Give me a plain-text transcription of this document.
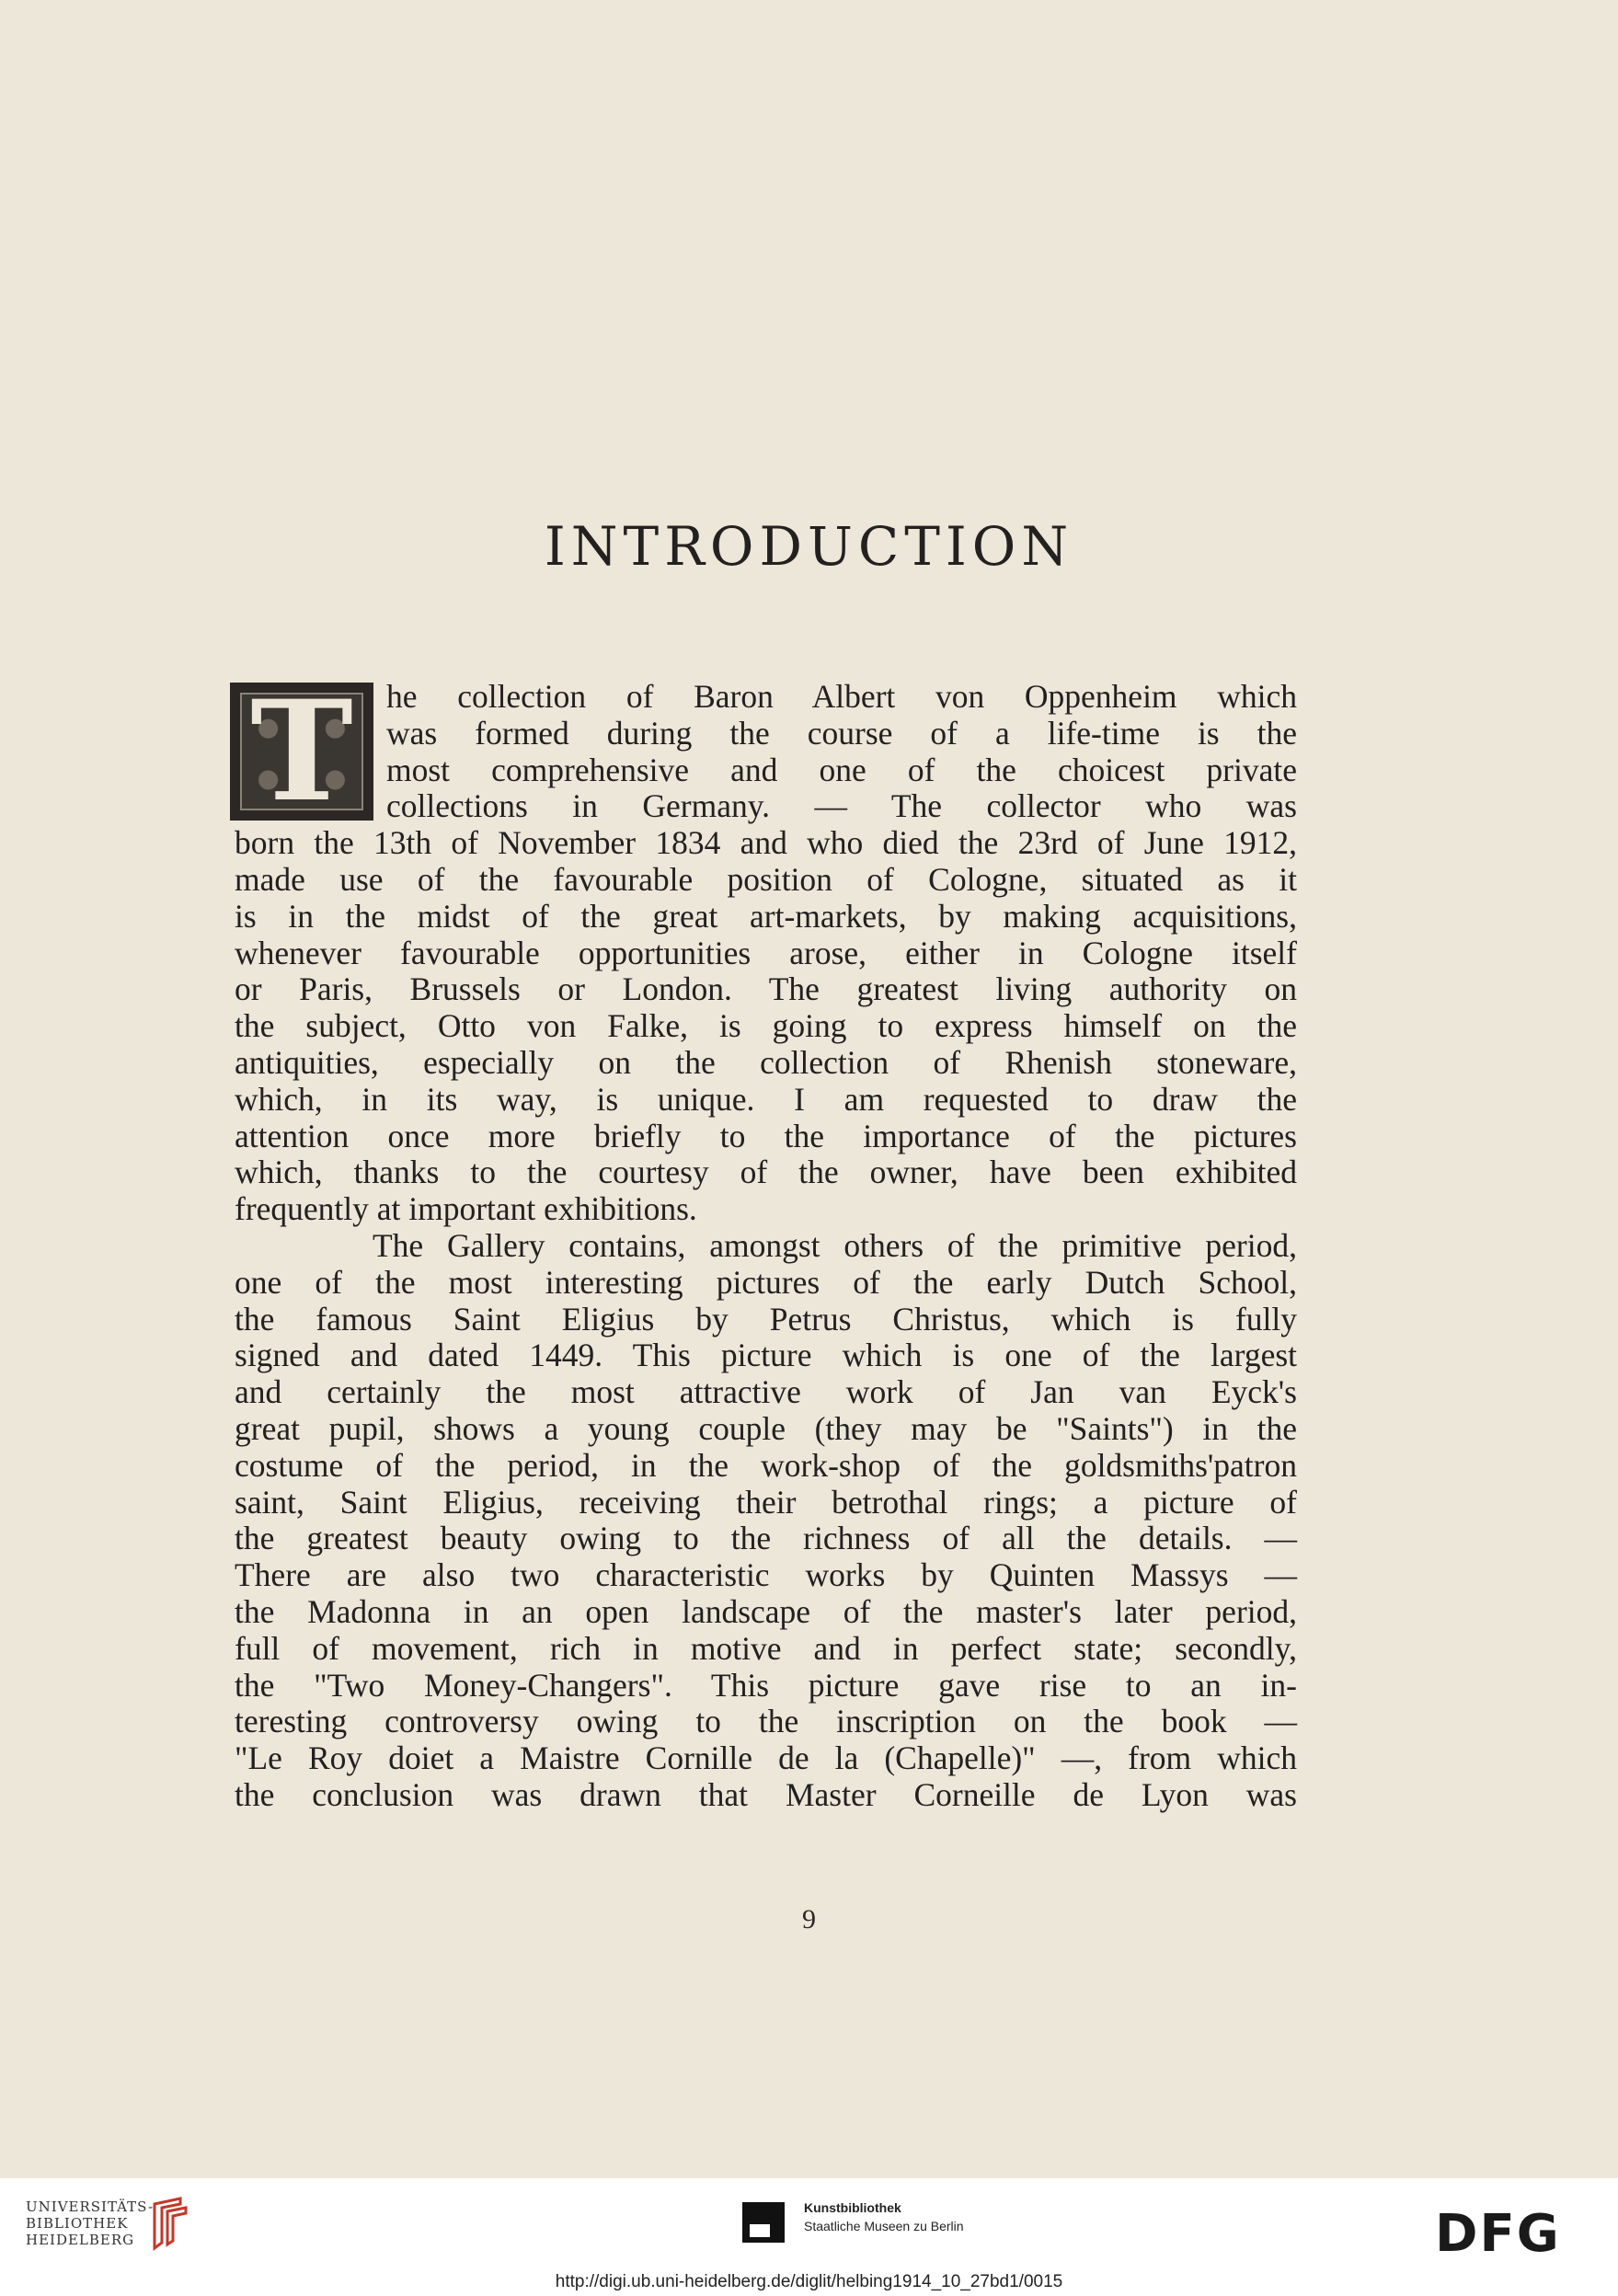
INTRODUCTION
T	he collection of Baron Albert von Oppenheim which
was formed during the course of a life-time is the
most comprehensive and one of the choicest private
collections in Germany. — The collector who was
born the 13th of November 1834 and who died the 23rd of June 1912,
made use of the favourable position of Cologne, situated as it
is in the midst of the great art-markets, by making acquisitions,
whenever favourable opportunities arose, either in Cologne itself
or Paris, Brussels or London. The greatest living authority on
the subject, Otto von Falke, is going to express himself on the
antiquities, especially on the collection of Rhenish stoneware,
which, in its way, is unique. I am requested to draw the
attention once more briefly to the importance of the pictures
which, thanks to the courtesy of the owner, have been exhibited
frequently at important exhibitions.
The Gallery contains, amongst others of the primitive period,
one of the most interesting pictures of the early Dutch School,
the famous Saint Eligius by Petrus Christus, which is fully
signed and dated 1449. This picture which is one of the largest
and certainly the most attractive work of Jan van Eyck's
great pupil, shows a young couple (they may be "Saints") in the
costume of the period, in the work-shop of the goldsmiths'patron
saint, Saint Eligius, receiving their betrothal rings; a picture of
the greatest beauty owing to the richness of all the details. —
There are also two characteristic works by Quinten Massys —
the Madonna in an open landscape of the master's later period,
full of movement, rich in motive and in perfect state; secondly,
the "Two Money-Changers". This picture gave rise to an in-
teresting controversy owing to the inscription on the book —
"Le Roy doiet a Maistre Cornille de la (Chapelle)" —, from which
the conclusion was drawn that Master Corneille de Lyon was
9
UNIVERSITÄTS-
BIBLIOTHEK
HEIDELBERG
Kunstbibliothek
Staatliche Museen zu Berlin	DFG
http://digi.ub.uni-heidelberg.de/diglit/helbing1914_10_27bd1/0015
